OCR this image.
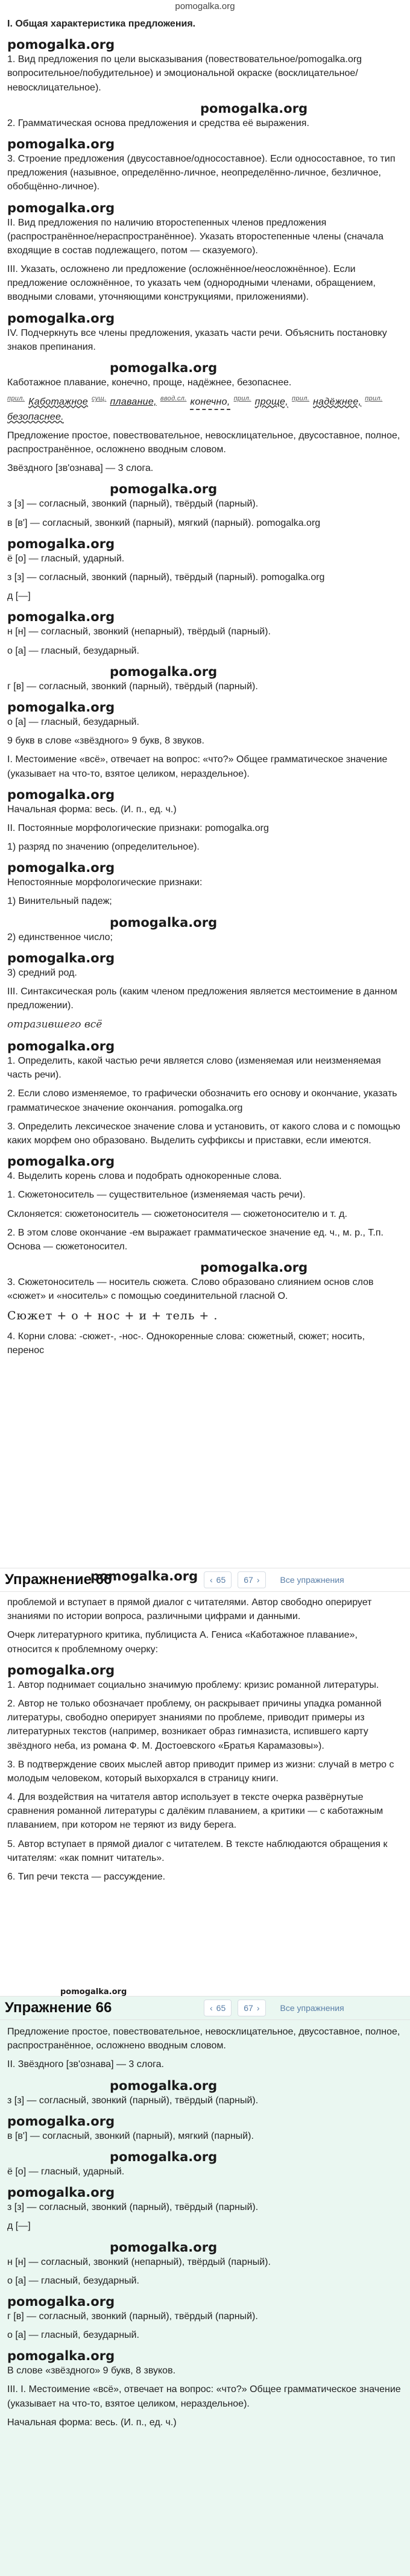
pomogalka.org
I. Общая характеристика предложения.
pomogalka.org
1. Вид предложения по цели высказывания (повествовательное/pomogalka.org вопросительное/побудительное) и эмоциональной окраске (восклицательное/невосклицательное).
pomogalka.org
2. Грамматическая основа предложения и средства её выражения.
pomogalka.org
3. Строение предложения (двусоставное/односоставное). Если односоставное, то тип предложения (назывное, определённо-личное, неопределённо-личное, безличное, обобщённо-личное).
pomogalka.org
II. Вид предложения по наличию второстепенных членов предложения (распространённое/нераспространённое). Указать второстепенные члены (сначала входящие в состав подлежащего, потом — сказуемого).
III. Указать, осложнено ли предложение (осложнённое/неосложнённое). Если предложение осложнённое, то указать чем (однородными членами, обращением, вводными словами, уточняющими конструкциями, приложениями).
pomogalka.org
IV. Подчеркнуть все члены предложения, указать части речи. Объяснить постановку знаков препинания.
pomogalka.org
Каботажное плавание, конечно, проще, надёжнее, безопаснее.
прил. Каботажное сущ. плавание, ввод.сл. конечно, прил. проще, прил. надёжнее, прил.безопаснее.
Предложение простое, повествовательное, невосклицательное, двусоставное, полное, распространённое, осложнено вводным словом.
Звёздного [зв'ознава] — 3 слога.
pomogalka.org
з [з] — согласный, звонкий (парный), твёрдый (парный).
в [в'] — согласный, звонкий (парный), мягкий (парный). pomogalka.org
pomogalka.org
ё [о] — гласный, ударный.
з [з] — согласный, звонкий (парный), твёрдый (парный). pomogalka.org
д [—]
pomogalka.org
н [н] — согласный, звонкий (непарный), твёрдый (парный).
о [а] — гласный, безударный.
pomogalka.org
г [в] — согласный, звонкий (парный), твёрдый (парный).
pomogalka.org
о [а] — гласный, безударный.
9 букв в слове «звёздного» 9 букв, 8 звуков.
I. Местоимение «всё», отвечает на вопрос: «что?» Общее грамматическое значение (указывает на что-то, взятое целиком, нераздельное).
pomogalka.org
Начальная форма: весь. (И. п., ед. ч.)
II. Постоянные морфологические признаки: pomogalka.org
1) разряд по значению (определительное).
pomogalka.org
Непостоянные морфологические признаки:
1) Винительный падеж;
pomogalka.org
2) единственное число;
pomogalka.org
3) средний род.
III. Синтаксическая роль (каким членом предложения является местоимение в данном предложении).
отразившего всё
pomogalka.org
1. Определить, какой частью речи является слово (изменяемая или неизменяемая часть речи).
2. Если слово изменяемое, то графически обозначить его основу и окончание, указать грамматическое значение окончания. pomogalka.org
3. Определить лексическое значение слова и установить, от какого слова и с помощью каких морфем оно образовано. Выделить суффиксы и приставки, если имеются.
pomogalka.org
4. Выделить корень слова и подобрать однокоренные слова.
1. Сюжетоноситель — существительное (изменяемая часть речи).
Склоняется: сюжетоноситель — сюжетоносителя — сюжетоносителю и т. д.
2. В этом слове окончание -ем выражает грамматическое значение ед. ч., м. р., Т.п. Основа — сюжетоносител.
pomogalka.org
3. Сюжетоноситель — носитель сюжета. Слово образовано слиянием основ слов «сюжет» и «носитель» с помощью соединительной гласной О.
Сюжет + о + нос + и + тель + .
4. Корни слова: -сюжет-, -нос-. Однокоренные слова: сюжетный, сюжет; носить, перенос
Упражнение 66	‹ 65 67 › Все упражнения
pomogalka.org
проблемой и вступает в прямой диалог с читателями. Автор свободно оперирует знаниями по истории вопроса, различными цифрами и данными.
Очерк литературного критика, публициста А. Гениса «Каботажное плавание», относится к проблемному очерку:
pomogalka.org
1. Автор поднимает социально значимую проблему: кризис романной литературы.
2. Автор не только обозначает проблему, он раскрывает причины упадка романной литературы, свободно оперирует знаниями по проблеме, приводит примеры из литературных текстов (например, возникает образ гимназиста, испившего карту звёздного неба, из романа Ф. М. Достоевского «Братья Карамазовы»).
3. В подтверждение своих мыслей автор приводит пример из жизни: случай в метро с молодым человеком, который выхорхался в страницу книги.
4. Для воздействия на читателя автор использует в тексте очерка развёрнутые сравнения романной литературы с далёким плаванием, а критики — с каботажным плаванием, при котором не теряют из виду берега.
5. Автор вступает в прямой диалог с читателем. В тексте наблюдаются обращения к читателям: «как помнит читатель».
6. Тип речи текста — рассуждение.
Упражнение 66	‹ 65 67 › Все упражнения
pomogalka.org
Предложение простое, повествовательное, невосклицательное, двусоставное, полное, распространённое, осложнено вводным словом.
II. Звёздного [зв'ознава] — 3 слога.
pomogalka.org
з [з] — согласный, звонкий (парный), твёрдый (парный).
pomogalka.org
в [в'] — согласный, звонкий (парный), мягкий (парный).
pomogalka.org
ё [о] — гласный, ударный.
pomogalka.org
з [з] — согласный, звонкий (парный), твёрдый (парный).
д [—]
pomogalka.org
н [н] — согласный, звонкий (непарный), твёрдый (парный).
о [а] — гласный, безударный.
pomogalka.org
г [в] — согласный, звонкий (парный), твёрдый (парный).
о [а] — гласный, безударный.
pomogalka.org
В слове «звёздного» 9 букв, 8 звуков.
III. I. Местоимение «всё», отвечает на вопрос: «что?» Общее грамматическое значение (указывает на что-то, взятое целиком, нераздельное).
Начальная форма: весь. (И. п., ед. ч.)
